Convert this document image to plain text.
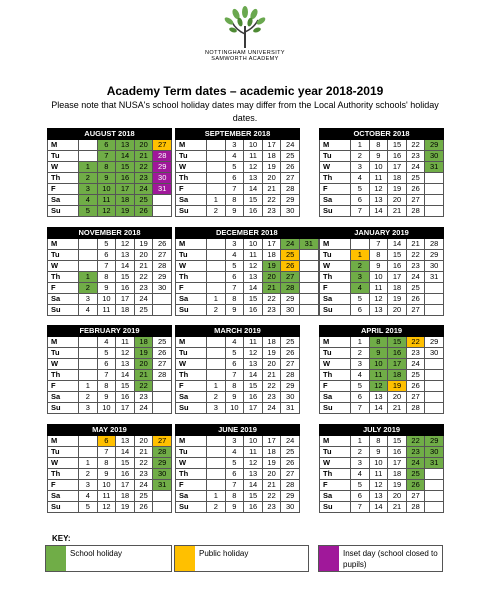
NOTTINGHAM UNIVERSITY
SAMWORTH ACADEMY
Academy Term dates – academic year 2018-2019
Please note that NUSA's school holiday dates may differ from the Local Authority schools' holiday dates.
AUGUST 2018					
M		6	13	20	27
Tu		7	14	21	28
W	1	8	15	22	29
Th	2	9	16	23	30
F	3	10	17	24	31
Sa	4	11	18	25	
Su	5	12	19	26	
SEPTEMBER 2018					
M		3	10	17	24
Tu		4	11	18	25
W		5	12	19	26
Th		6	13	20	27
F		7	14	21	28
Sa	1	8	15	22	29
Su	2	9	16	23	30
OCTOBER 2018					
M	1	8	15	22	29
Tu	2	9	16	23	30
W	3	10	17	24	31
Th	4	11	18	25	
F	5	12	19	26	
Sa	6	13	20	27	
Su	7	14	21	28	
NOVEMBER 2018					
M		5	12	19	26
Tu		6	13	20	27
W		7	14	21	28
Th	1	8	15	22	29
F	2	9	16	23	30
Sa	3	10	17	24	
Su	4	11	18	25	
DECEMBER 2018						
M		3	10	17	24	31
Tu		4	11	18	25	
W		5	12	19	26	
Th		6	13	20	27	
F		7	14	21	28	
Sa	1	8	15	22	29	
Su	2	9	16	23	30	
JANUARY 2019					
M		7	14	21	28
Tu	1	8	15	22	29
W	2	9	16	23	30
Th	3	10	17	24	31
F	4	11	18	25	
Sa	5	12	19	26	
Su	6	13	20	27	
FEBRUARY 2019					
M		4	11	18	25
Tu		5	12	19	26
W		6	13	20	27
Th		7	14	21	28
F	1	8	15	22	
Sa	2	9	16	23	
Su	3	10	17	24	
MARCH 2019					
M		4	11	18	25
Tu		5	12	19	26
W		6	13	20	27
Th		7	14	21	28
F	1	8	15	22	29
Sa	2	9	16	23	30
Su	3	10	17	24	31
APRIL 2019					
M	1	8	15	22	29
Tu	2	9	16	23	30
W	3	10	17	24	
Th	4	11	18	25	
F	5	12	19	26	
Sa	6	13	20	27	
Su	7	14	21	28	
MAY 2019					
M		6	13	20	27
Tu		7	14	21	28
W	1	8	15	22	29
Th	2	9	16	23	30
F	3	10	17	24	31
Sa	4	11	18	25	
Su	5	12	19	26	
JUNE 2019					
M		3	10	17	24
Tu		4	11	18	25
W		5	12	19	26
Th		6	13	20	27
F		7	14	21	28
Sa	1	8	15	22	29
Su	2	9	16	23	30
JULY 2019					
M	1	8	15	22	29
Tu	2	9	16	23	30
W	3	10	17	24	31
Th	4	11	18	25	
F	5	12	19	26	
Sa	6	13	20	27	
Su	7	14	21	28	
KEY:
School holiday	Public holiday	Inset day (school closed to pupils)
